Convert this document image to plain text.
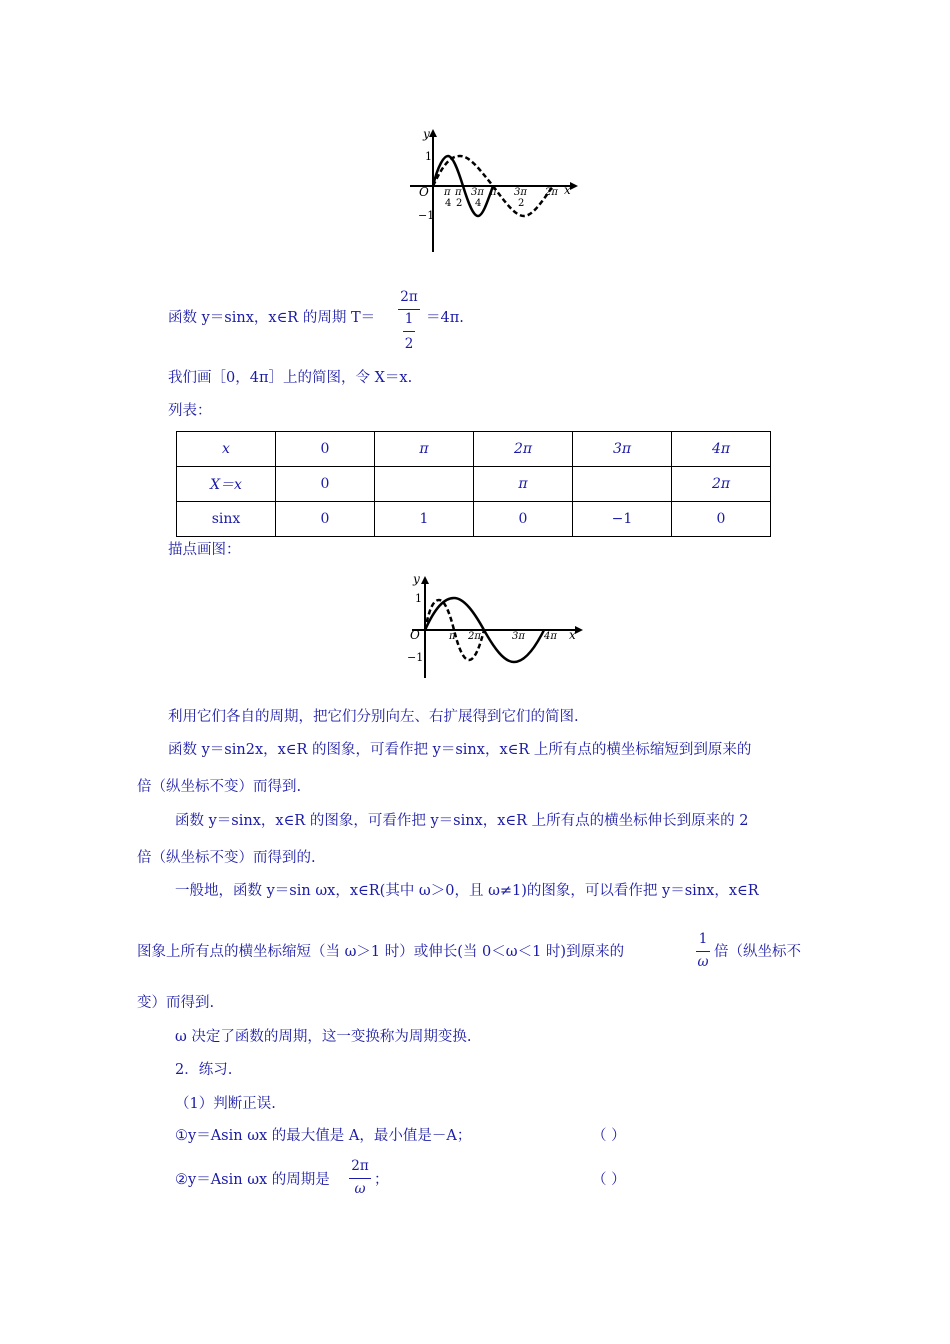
y
x
O
1
−1
π
4
π
2
3π
4
π 3π
2
2π
函数 y＝sinx，x∈R 的周期 T＝
2π
1
2
＝4π.
我们画［0，4π］上的简图，令 X＝x.
列表：
x	0	π	2π	3π	4π
X＝x	0		π		2π
sinx	0	1	0	−1	0
描点画图：
y
x
O
1
−1
π 2π	3π 4π
利用它们各自的周期，把它们分别向左、右扩展得到它们的简图.
函数 y＝sin2x，x∈R 的图象，可看作把 y＝sinx，x∈R 上所有点的横坐标缩短到到原来的
倍（纵坐标不变）而得到.
函数 y＝sinx，x∈R 的图象，可看作把 y＝sinx，x∈R 上所有点的横坐标伸长到原来的 2
倍（纵坐标不变）而得到的.
一般地，函数 y＝sin ωx，x∈R(其中 ω＞0，且 ω≠1)的图象，可以看作把 y＝sinx，x∈R
图象上所有点的横坐标缩短（当 ω＞1 时）或伸长(当 0＜ω＜1 时)到原来的
1
ω
倍（纵坐标不
变）而得到.
ω 决定了函数的周期，这一变换称为周期变换.
2．练习.
（1）判断正误.
①y＝Asin ωx 的最大值是 A，最小值是－A；	（ ）
②y＝Asin ωx 的周期是
2π
ω
；	（ ）
